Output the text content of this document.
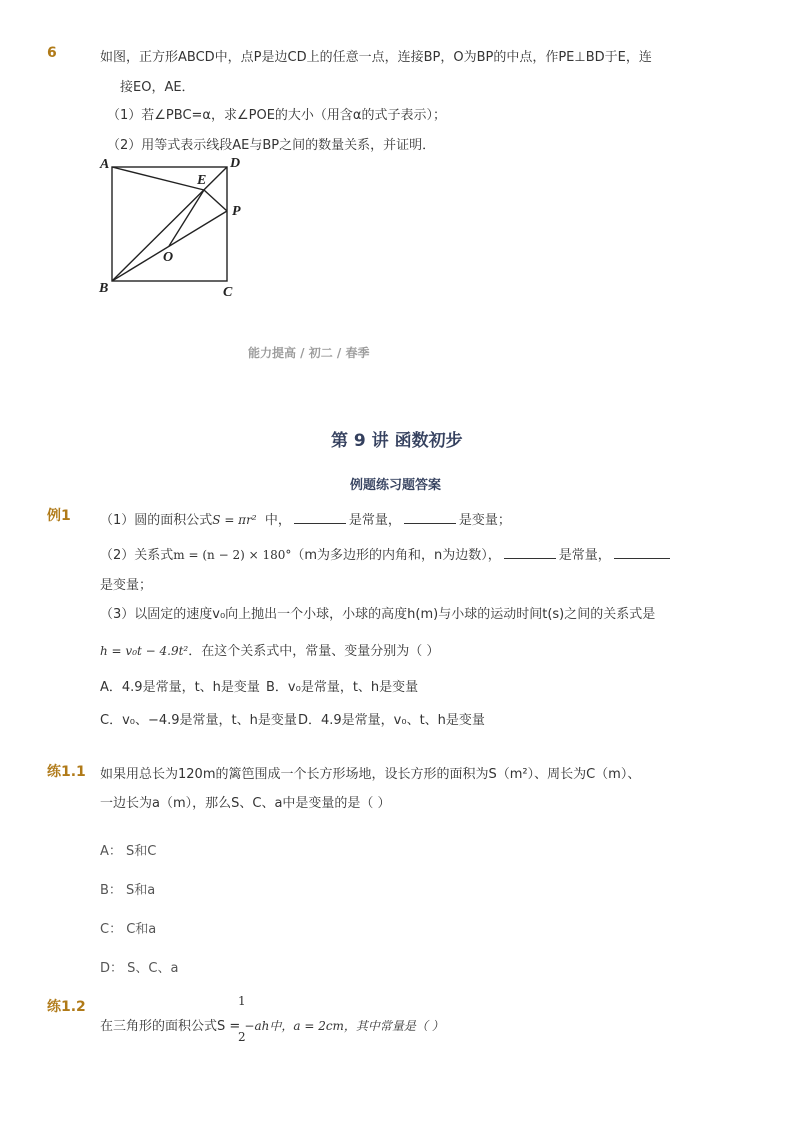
6	如图，正方形ABCD中，点P是边CD上的任意一点，连接BP，O为BP的中点，作PE⊥BD于E，连
接EO，AE．
（1）若∠PBC=α，求∠POE的大小（用含α的式子表示）；
（2）用等式表示线段AE与BP之间的数量关系，并证明．
A	D
E
P
O
B	C
能力提高 / 初二 / 春季
第 9 讲 函数初步
例题练习题答案
例1 （1）圆的面积公式S = πr² 中，	是常量，	是变量；
（2）关系式m = (n − 2) × 180°（m为多边形的内角和，n为边数），	是常量，
是变量；
（3）以固定的速度v₀向上抛出一个小球，小球的高度h(m)与小球的运动时间t(s)之间的关系式是
h = v₀t − 4.9t²．在这个关系式中，常量、变量分别为（ ）
A．4.9是常量，t、h是变量 B．v₀是常量，t、h是变量
C．v₀、−4.9是常量，t、h是变量 D．4.9是常量，v₀、t、h是变量
练1.1 如果用总长为120m的篱笆围成一个长方形场地，设长方形的面积为S（m²）、周长为C（m）、
一边长为a（m），那么S、C、a中是变量的是（ ）
A： S和C
B： S和a
C： C和a
D： S、C、a
练1.2	1
2
在三角形的面积公式S = −ah中，a = 2cm，其中常量是（ ）
